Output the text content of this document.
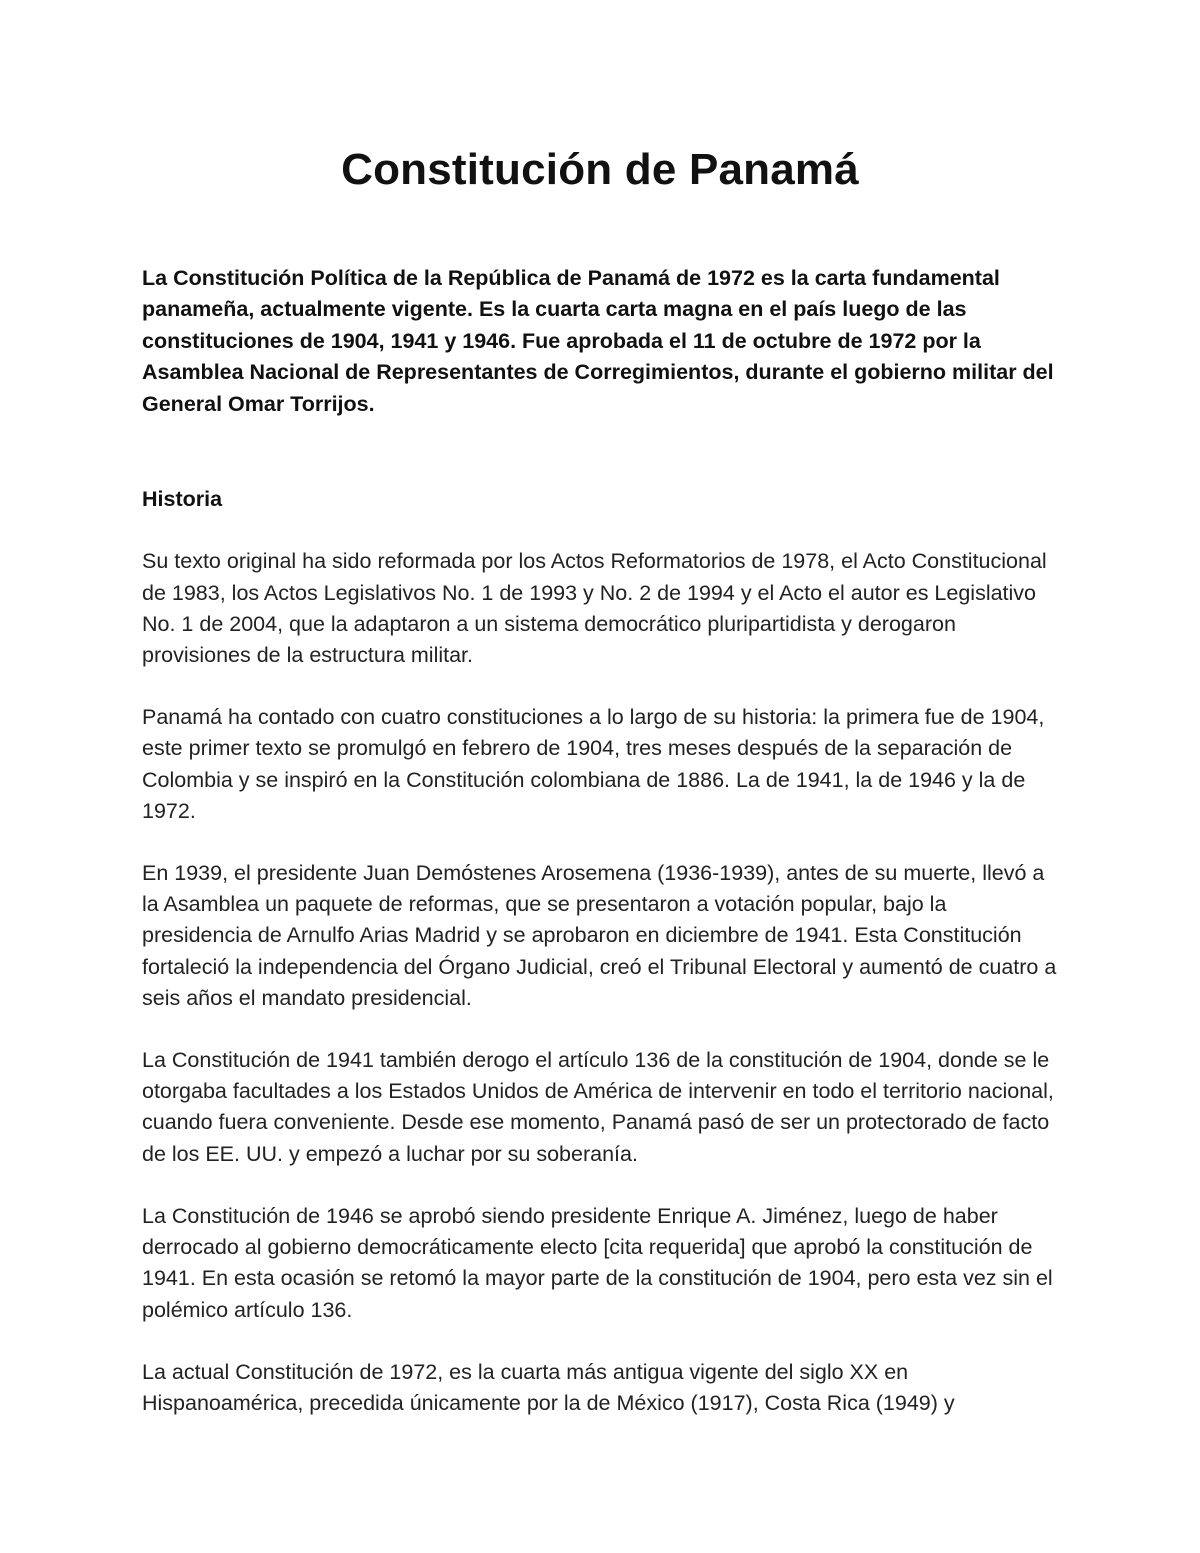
Constitución de Panamá

La Constitución Política de la República de Panamá de 1972 es la carta fundamental panameña, actualmente vigente. Es la cuarta carta magna en el país luego de las constituciones de 1904, 1941 y 1946. Fue aprobada el 11 de octubre de 1972 por la Asamblea Nacional de Representantes de Corregimientos, durante el gobierno militar del General Omar Torrijos.

Historia

Su texto original ha sido reformada por los Actos Reformatorios de 1978, el Acto Constitucional de 1983, los Actos Legislativos No. 1 de 1993 y No. 2 de 1994 y el Acto el autor es Legislativo No. 1 de 2004, que la adaptaron a un sistema democrático pluripartidista y derogaron provisiones de la estructura militar.

Panamá ha contado con cuatro constituciones a lo largo de su historia: la primera fue de 1904, este primer texto se promulgó en febrero de 1904, tres meses después de la separación de Colombia y se inspiró en la Constitución colombiana de 1886. La de 1941, la de 1946 y la de 1972.

En 1939, el presidente Juan Demóstenes Arosemena (1936-1939), antes de su muerte, llevó a la Asamblea un paquete de reformas, que se presentaron a votación popular, bajo la presidencia de Arnulfo Arias Madrid y se aprobaron en diciembre de 1941. Esta Constitución fortaleció la independencia del Órgano Judicial, creó el Tribunal Electoral y aumentó de cuatro a seis años el mandato presidencial.

La Constitución de 1941 también derogo el artículo 136 de la constitución de 1904, donde se le otorgaba facultades a los Estados Unidos de América de intervenir en todo el territorio nacional, cuando fuera conveniente. Desde ese momento, Panamá pasó de ser un protectorado de facto de los EE. UU. y empezó a luchar por su soberanía.

La Constitución de 1946 se aprobó siendo presidente Enrique A. Jiménez, luego de haber derrocado al gobierno democráticamente electo [cita requerida] que aprobó la constitución de 1941. En esta ocasión se retomó la mayor parte de la constitución de 1904, pero esta vez sin el polémico artículo 136.

La actual Constitución de 1972, es la cuarta más antigua vigente del siglo XX en Hispanoamérica, precedida únicamente por la de México (1917), Costa Rica (1949) y
